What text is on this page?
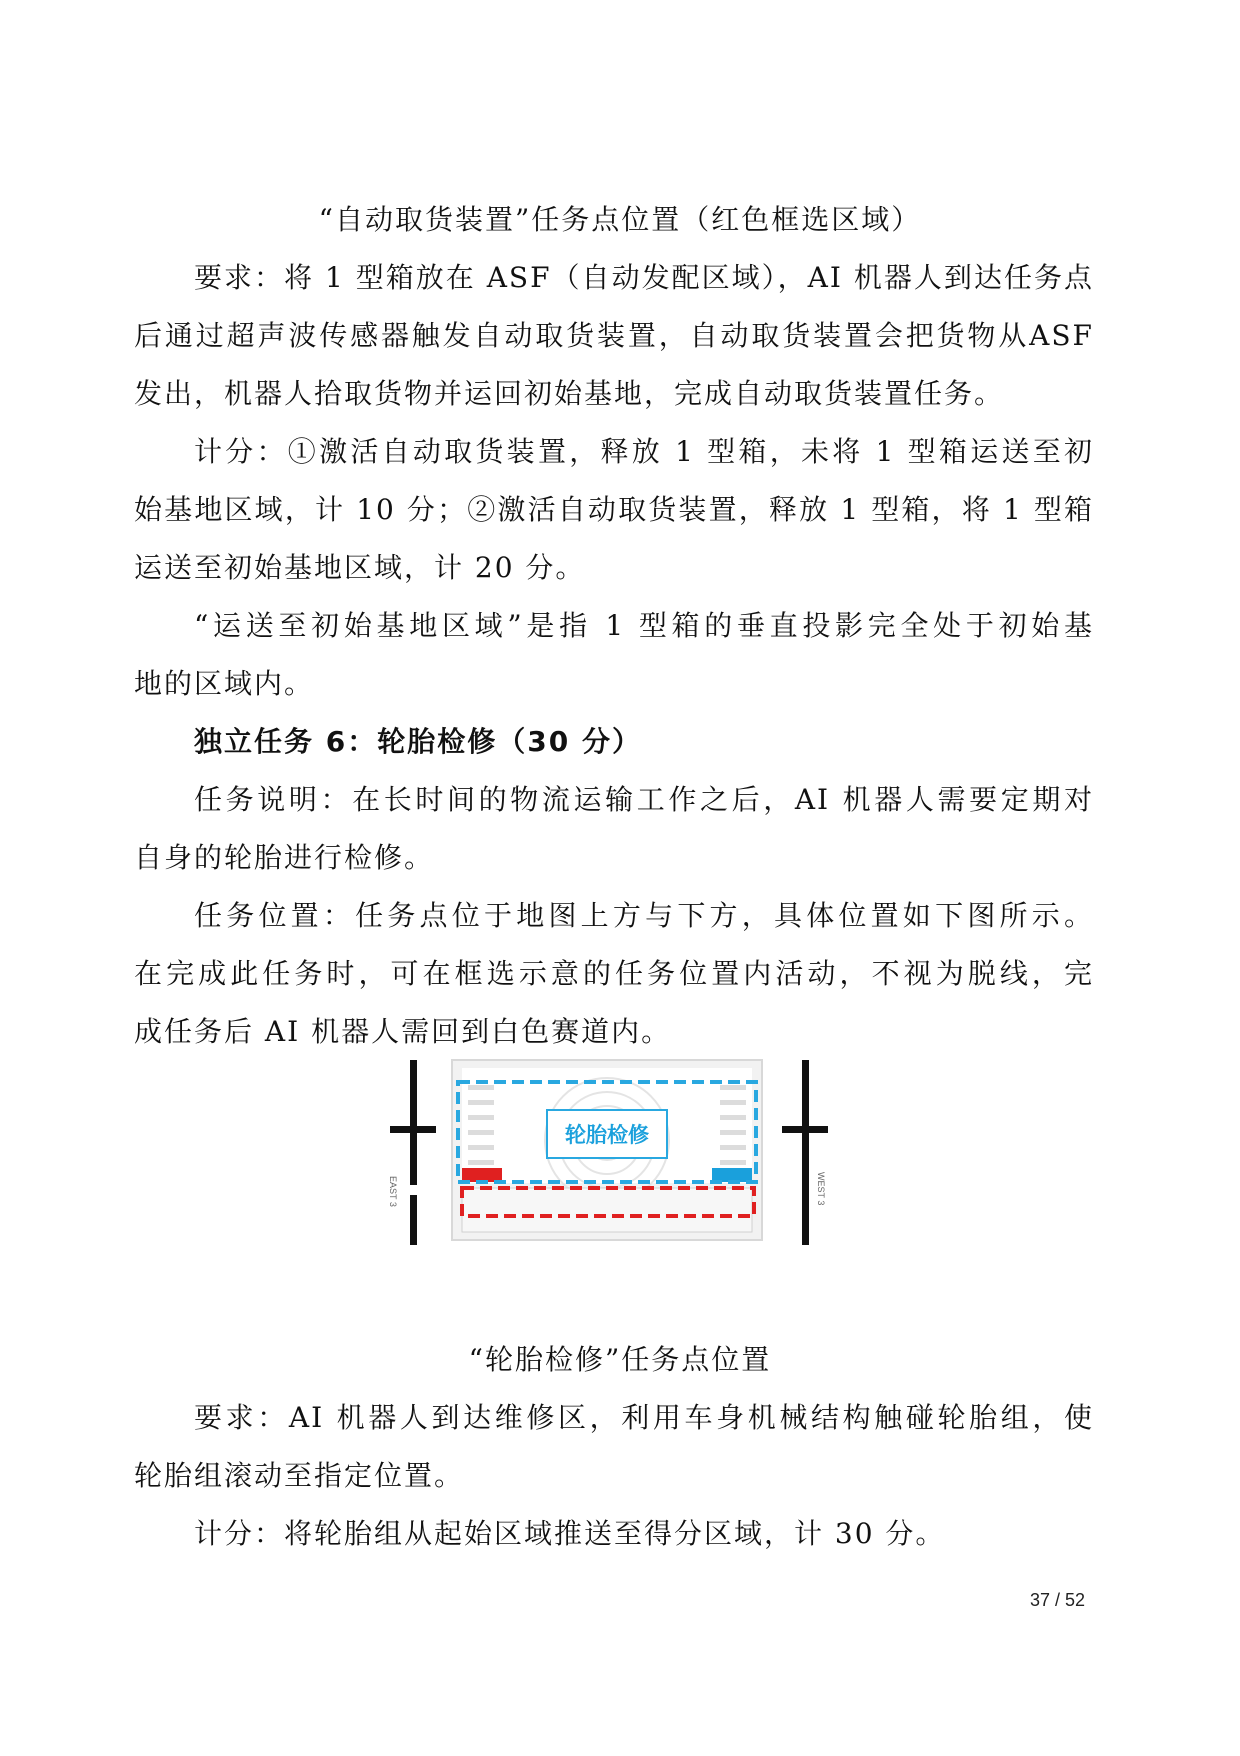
“自动取货装置”任务点位置（红色框选区域）
要求：将 1 型箱放在 ASF（自动发配区域），AI 机器人到达任务点
后通过超声波传感器触发自动取货装置，自动取货装置会把货物从ASF
发出，机器人拾取货物并运回初始基地，完成自动取货装置任务。
计分：①激活自动取货装置，释放 1 型箱，未将 1 型箱运送至初
始基地区域，计 10 分；②激活自动取货装置，释放 1 型箱，将 1 型箱
运送至初始基地区域，计 20 分。
“运送至初始基地区域”是指 1 型箱的垂直投影完全处于初始基
地的区域内。
独立任务 6：轮胎检修（30 分）
任务说明：在长时间的物流运输工作之后，AI 机器人需要定期对
自身的轮胎进行检修。
任务位置：任务点位于地图上方与下方，具体位置如下图所示。
在完成此任务时，可在框选示意的任务位置内活动，不视为脱线，完
成任务后 AI 机器人需回到白色赛道内。
EAST 3	WEST 3
轮胎检修
“轮胎检修”任务点位置
要求：AI 机器人到达维修区，利用车身机械结构触碰轮胎组，使
轮胎组滚动至指定位置。
计分：将轮胎组从起始区域推送至得分区域，计 30 分。
37 / 52
